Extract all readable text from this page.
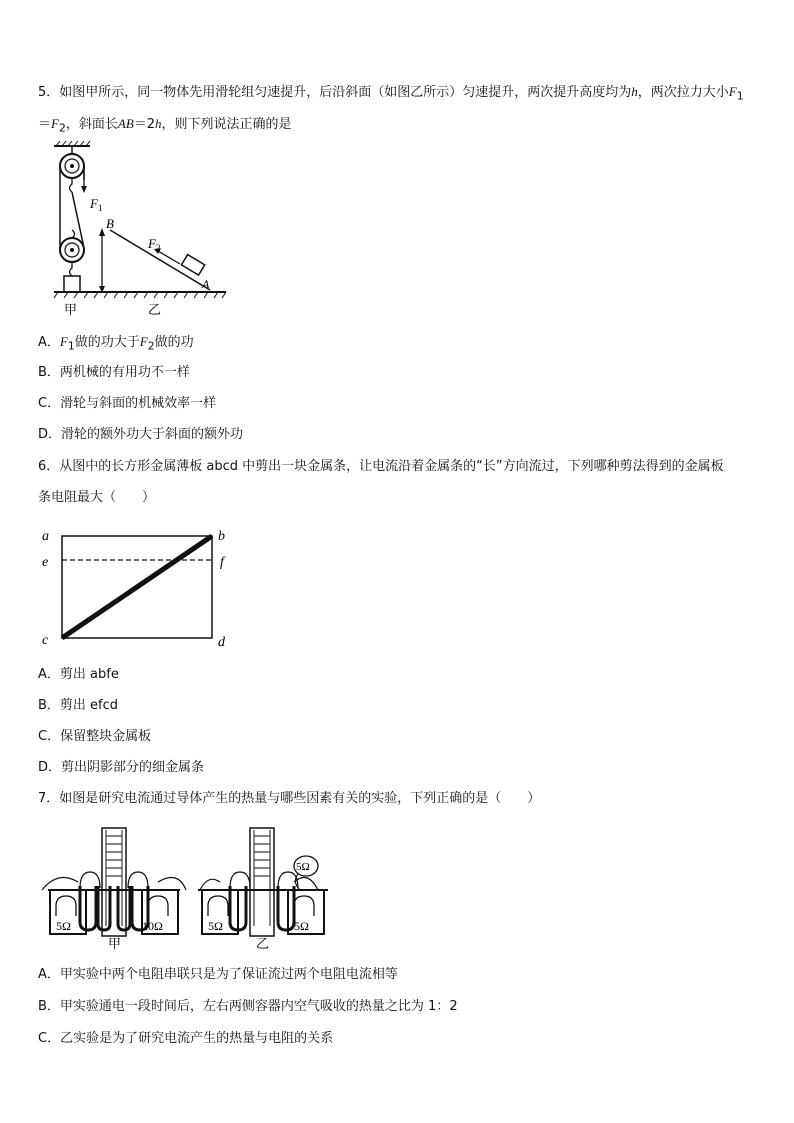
5．如图甲所示，同一物体先用滑轮组匀速提升，后沿斜面（如图乙所示）匀速提升，两次提升高度均为h，两次拉力大小$F_1$
$=F_2$，斜面长AB＝2h，则下列说法正确的是
$F_1$
B
A
$F_2$
甲	乙
A．$F_1$做的功大于$F_2$做的功
B．两机械的有用功不一样
C．滑轮与斜面的机械效率一样
D．滑轮的额外功大于斜面的额外功
6．从图中的长方形金属薄板 abcd 中剪出一块金属条，让电流沿着金属条的“长”方向流过，下列哪种剪法得到的金属板
条电阻最大（　　）
a	b
e	f
c	d
A．剪出 abfe
B．剪出 efcd
C．保留整块金属板
D．剪出阴影部分的细金属条
7．如图是研究电流通过导体产生的热量与哪些因素有关的实验，下列正确的是（　　）
5Ω	10Ω
甲
5Ω
5Ω	5Ω
乙
A．甲实验中两个电阻串联只是为了保证流过两个电阻电流相等
B．甲实验通电一段时间后，左右两侧容器内空气吸收的热量之比为 1：2
C．乙实验是为了研究电流产生的热量与电阻的关系
